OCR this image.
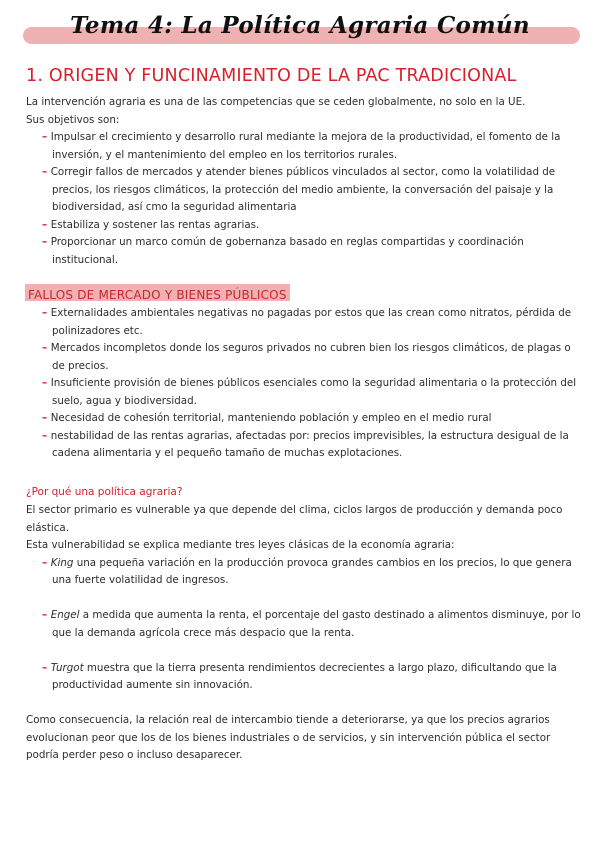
Tema 4: La Política Agraria Común
1. ORIGEN Y FUNCINAMIENTO DE LA PAC TRADICIONAL
La intervención agraria es una de las competencias que se ceden globalmente, no solo en la UE.
Sus objetivos son:
– Impulsar el crecimiento y desarrollo rural mediante la mejora de la productividad, el fomento de la inversión, y el mantenimiento del empleo en los territorios rurales.
– Corregir fallos de mercados y atender bienes públicos vinculados al sector, como la volatilidad de precios, los riesgos climáticos, la protección del medio ambiente, la conversación del paisaje y la biodiversidad, así cmo la seguridad alimentaria
– Estabiliza y sostener las rentas agrarias.
– Proporcionar un marco común de gobernanza basado en reglas compartidas y coordinación institucional.
FALLOS DE MERCADO Y BIENES PÚBLICOS
– Externalidades ambientales negativas no pagadas por estos que las crean como nitratos, pérdida de polinizadores etc.
– Mercados incompletos donde los seguros privados no cubren bien los riesgos climáticos, de plagas o de precios.
– Insuficiente provisión de bienes públicos esenciales como la seguridad alimentaria o la protección del suelo, agua y biodiversidad.
– Necesidad de cohesión territorial, manteniendo población y empleo en el medio rural
– nestabilidad de las rentas agrarias, afectadas por: precios imprevisibles, la estructura desigual de la cadena alimentaria y el pequeño tamaño de muchas explotaciones.
¿Por qué una política agraria?
El sector primario es vulnerable ya que depende del clima, ciclos largos de producción y demanda poco elástica.
Esta vulnerabilidad se explica mediante tres leyes clásicas de la economía agraria:
– King una pequeña variación en la producción provoca grandes cambios en los precios, lo que genera una fuerte volatilidad de ingresos.
– Engel a medida que aumenta la renta, el porcentaje del gasto destinado a alimentos disminuye, por lo que la demanda agrícola crece más despacio que la renta.
– Turgot muestra que la tierra presenta rendimientos decrecientes a largo plazo, dificultando que la productividad aumente sin innovación.
Como consecuencia, la relación real de intercambio tiende a deteriorarse, ya que los precios agrarios evolucionan peor que los de los bienes industriales o de servicios, y sin intervención pública el sector podría perder peso o incluso desaparecer.
